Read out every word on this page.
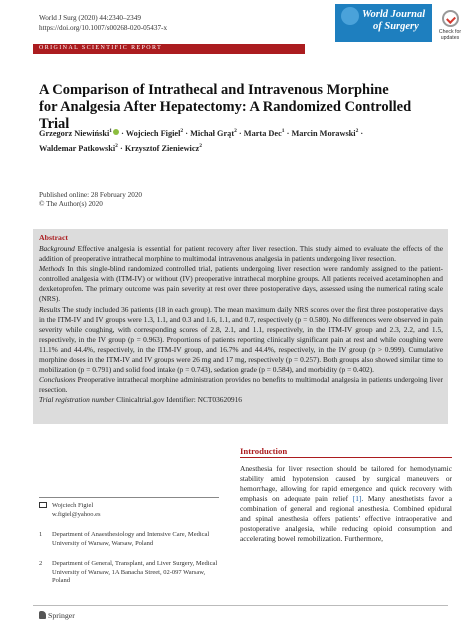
World J Surg (2020) 44:2340–2349
https://doi.org/10.1007/s00268-020-05437-x
World Journal
of Surgery	Check for
updates
ORIGINAL SCIENTIFIC REPORT
A Comparison of Intrathecal and Intravenous Morphine
for Analgesia After Hepatectomy: A Randomized Controlled Trial
Grzegorz Niewiński$^1$ · Wojciech Figiel$^2$ · Michał Grąt$^2$ · Marta Dec$^1$ · Marcin Morawski$^2$ ·
Waldemar Patkowski$^2$ · Krzysztof Zieniewicz$^2$
Published online: 28 February 2020
© The Author(s) 2020
Abstract
Background Effective analgesia is essential for patient recovery after liver resection. This study aimed to evaluate the effects of the addition of preoperative intrathecal morphine to multimodal intravenous analgesia in patients undergoing liver resection.
Methods In this single-blind randomized controlled trial, patients undergoing liver resection were randomly assigned to the patient-controlled analgesia with (ITM-IV) or without (IV) preoperative intrathecal morphine groups. All patients received acetaminophen and dexketoprofen. The primary outcome was pain severity at rest over three postoperative days, assessed using the numerical rating scale (NRS).
Results The study included 36 patients (18 in each group). The mean maximum daily NRS scores over the first three postoperative days in the ITM-IV and IV groups were 1.3, 1.1, and 0.3 and 1.6, 1.1, and 0.7, respectively (p = 0.580). No differences were observed in pain severity while coughing, with corresponding scores of 2.8, 2.1, and 1.1, respectively, in the ITM-IV group and 2.3, 2.2, and 1.5, respectively, in the IV group (p = 0.963). Proportions of patients reporting clinically significant pain at rest and while coughing were 11.1% and 44.4%, respectively, in the ITM-IV group, and 16.7% and 44.4%, respectively, in the IV group (p > 0.999). Cumulative morphine doses in the ITM-IV and IV groups were 26 mg and 17 mg, respectively (p = 0.257). Both groups also showed similar time to mobilization (p = 0.791) and solid food intake (p = 0.743), sedation grade (p = 0.584), and morbidity (p = 0.402).
Conclusions Preoperative intrathecal morphine administration provides no benefits to multimodal analgesia in patients undergoing liver resection.
Trial registration number Clinicaltrial.gov Identifier: NCT03620916
Introduction
Anesthesia for liver resection should be tailored for hemodynamic stability amid hypotension caused by surgical maneuvers or hemorrhage, allowing for rapid emergence and quick recovery with emphasis on adequate pain relief [1]. Many anesthetists favor a combination of general and regional anesthesia. Combined epidural and spinal anesthesia offers patients’ effective intraoperative and postoperative analgesia, while reducing opioid consumption and accelerating bowel remobilization. Furthermore,
Wojciech Figiel
w.figiel@yahoo.es
1 Department of Anaesthesiology and Intensive Care, Medical University of Warsaw, Warsaw, Poland
2 Department of General, Transplant, and Liver Surgery, Medical University of Warsaw, 1A Banacha Street, 02-097 Warsaw, Poland
Springer
